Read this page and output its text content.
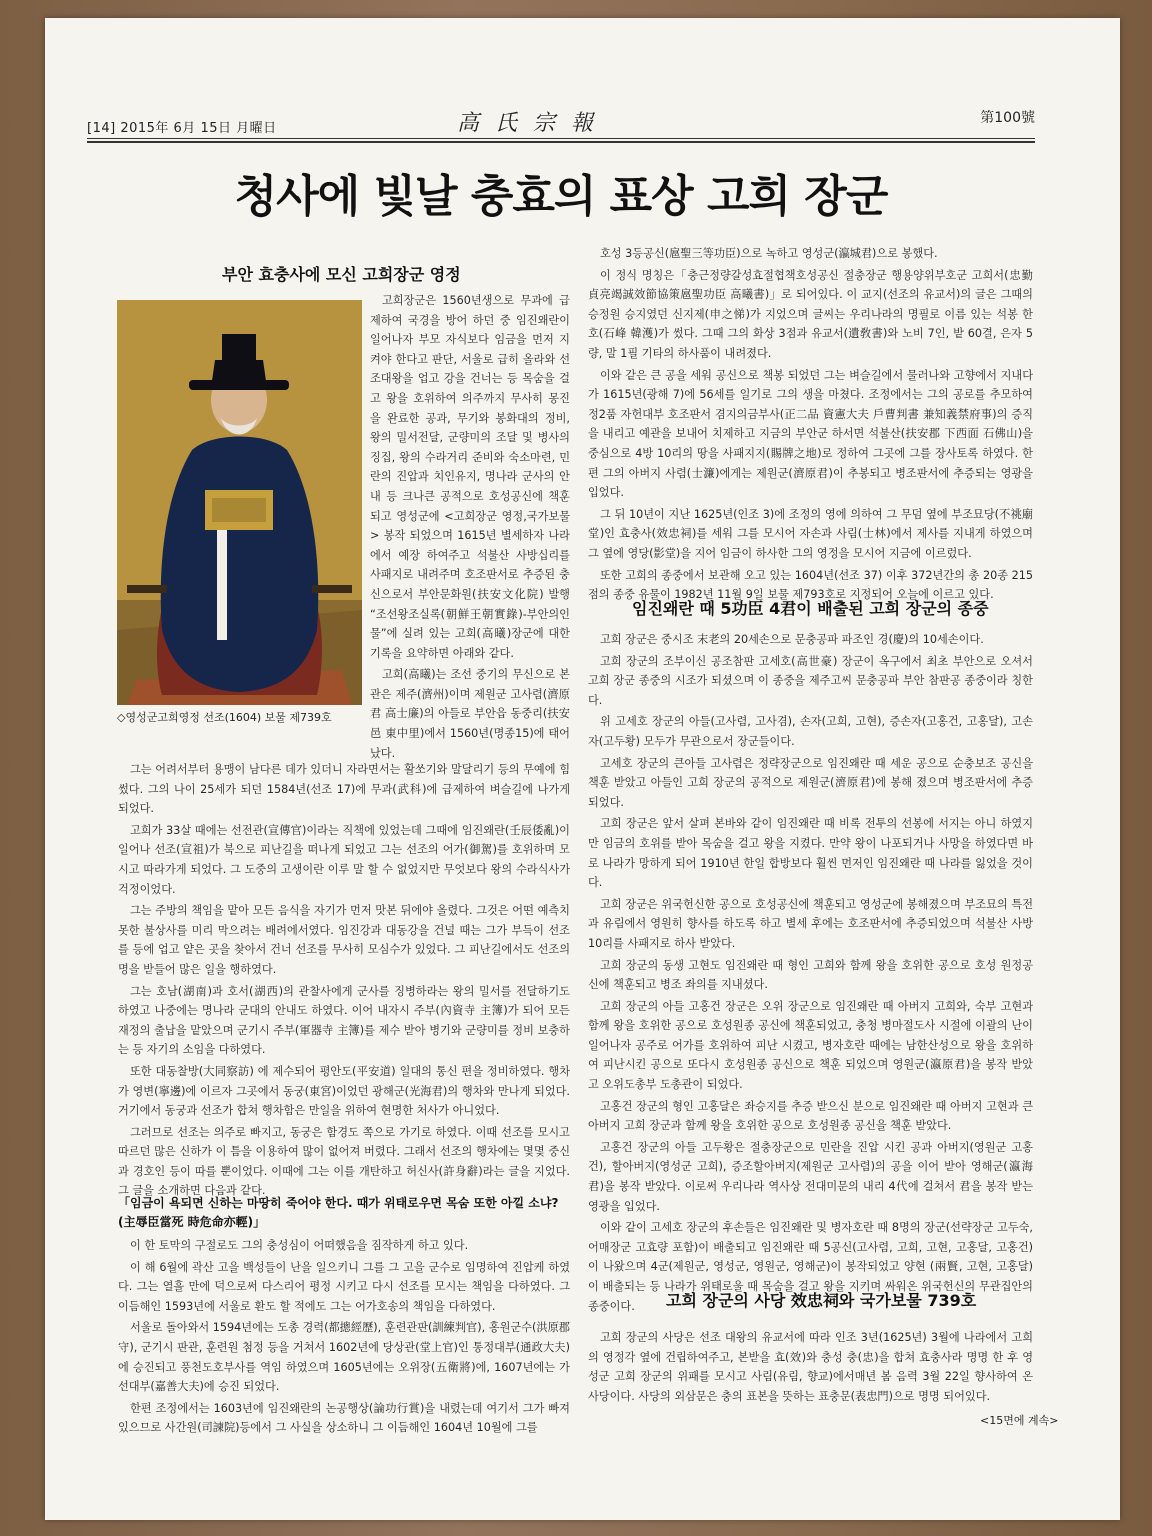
[14] 2015年 6月 15日 月曜日	高氏宗報	第100號
청사에 빛날 충효의 표상 고희 장군
부안 효충사에 모신 고희장군 영정
◇영성군고희영정 선조(1604) 보물 제739호

고희장군은 1560년생으로 무과에 급제하여 국경을 방어 하던 중 임진왜란이 일어나자 부모 자식보다 임금을 먼저 지켜야 한다고 판단, 서울로 급히 올라와 선조대왕을 업고 강을 건너는 등 목숨을 걸고 왕을 호위하여 의주까지 무사히 몽진을 완료한 공과, 무기와 봉화대의 정비, 왕의 밀서전달, 군량미의 조달 및 병사의 징집, 왕의 수라거리 준비와 숙소마련, 민란의 진압과 치인유지, 명나라 군사의 안내 등 크나큰 공적으로 호성공신에 책훈되고 영성군에 <고희장군 영정,국가보물> 봉작 되었으며 1615년 별세하자 나라에서 예장 하여주고 석불산 사방십리를 사패지로 내려주며 호조판서로 추증된 충신으로서 부안문화원(扶安文化院) 발행 “조선왕조실록(朝鮮王朝實錄)-부안의인물”에 실려 있는 고희(高曦)장군에 대한 기록을 요약하면 아래와 같다.

고희(高曦)는 조선 중기의 무신으로 본관은 제주(濟州)이며 제원군 고사렴(濟原君 高士廉)의 아들로 부안읍 동중리(扶安邑 東中里)에서 1560년(명종15)에 태어났다.

그는 어려서부터 용맹이 남다른 데가 있더니 자라면서는 활쏘기와 말달리기 등의 무예에 힘썼다. 그의 나이 25세가 되던 1584년(선조 17)에 무과(武科)에 급제하여 벼슬길에 나가게 되었다.

고희가 33살 때에는 선전관(宣傳官)이라는 직책에 있었는데 그때에 임진왜란(壬辰倭亂)이 일어나 선조(宣祖)가 북으로 피난길을 떠나게 되었고 그는 선조의 어가(御駕)를 호위하며 모시고 따라가게 되었다. 그 도중의 고생이란 이루 말 할 수 없었지만 무엇보다 왕의 수라식사가 걱정이었다.

그는 주방의 책임을 맡아 모든 음식을 자기가 먼저 맛본 뒤에야 올렸다. 그것은 어떤 예측치 못한 불상사를 미리 막으려는 배려에서였다. 임진강과 대동강을 건널 때는 그가 부득이 선조를 등에 업고 얕은 곳을 찾아서 건너 선조를 무사히 모심수가 있었다. 그 피난길에서도 선조의 명을 받들어 많은 일을 행하였다.

그는 호남(湖南)과 호서(湖西)의 관찰사에게 군사를 징병하라는 왕의 밀서를 전달하기도 하였고 나중에는 명나라 군대의 안내도 하였다. 이어 내자시 주부(內資寺 主簿)가 되어 모든 재정의 출납을 맡았으며 군기시 주부(軍器寺 主簿)를 제수 받아 병기와 군량미를 정비 보충하는 등 자기의 소임을 다하였다.

또한 대동찰방(大同察訪) 에 제수되어 평안도(平安道) 일대의 통신 편을 정비하였다. 행차가 영변(寧邊)에 이르자 그곳에서 동궁(東宮)이었던 광해군(光海君)의 행차와 만나게 되었다. 거기에서 동궁과 선조가 합쳐 행차함은 만일을 위하여 현명한 처사가 아니었다.

그러므로 선조는 의주로 빠지고, 동궁은 함경도 쪽으로 가기로 하였다. 이때 선조를 모시고 따르던 많은 신하가 이 틈을 이용하여 많이 없어져 버렸다. 그래서 선조의 행차에는 몇몇 중신과 경호인 등이 따를 뿐이었다. 이때에 그는 이를 개탄하고 허신사(許身辭)라는 글을 지었다. 그 글을 소개하면 다음과 같다.

「임금이 욕되면 신하는 마땅히 죽어야 한다. 때가 위태로우면 목숨 또한 아낄 소냐? (主辱臣當死 時危命亦輕)」

이 한 토막의 구절로도 그의 충성심이 어떠했음을 짐작하게 하고 있다.

이 해 6월에 곽산 고을 백성들이 난을 일으키니 그를 그 고을 군수로 임명하여 진압케 하였다. 그는 열흘 만에 덕으로써 다스리어 평정 시키고 다시 선조를 모시는 책임을 다하였다. 그 이듬해인 1593년에 서울로 환도 할 적에도 그는 어가호송의 책임을 다하였다.

서울로 돌아와서 1594년에는 도총 경력(都摠經歷), 훈련관판(訓練判官), 홍원군수(洪原郡守), 군기시 판관, 훈련원 첨정 등을 거쳐서 1602년에 당상관(堂上官)인 통정대부(通政大夫)에 승진되고 풍천도호부사를 역임 하였으며 1605년에는 오위장(五衛將)에, 1607년에는 가선대부(嘉善大夫)에 승진 되었다.

한편 조정에서는 1603년에 임진왜란의 논공행상(論功行賞)을 내렸는데 여기서 그가 빠져 있으므로 사간원(司諫院)등에서 그 사실을 상소하니 그 이듬해인 1604년 10월에 그를

호성 3등공신(扈聖三等功臣)으로 녹하고 영성군(瀛城君)으로 봉했다.

이 정식 명칭은「충근정량갈성효절협책호성공신 절충장군 행용양위부호군 고희서(忠勤貞亮竭誠效節協策扈聖功臣 高曦書)」로 되어있다. 이 교지(선조의 유교서)의 글은 그때의 승정원 승지였던 신지제(申之悌)가 지었으며 글씨는 우리나라의 명필로 이름 있는 석봉 한호(石峰 韓濩)가 썼다. 그때 그의 화상 3점과 유교서(遺敎書)와 노비 7인, 밭 60결, 은자 5량, 말 1필 기타의 하사품이 내려졌다.

이와 같은 큰 공을 세워 공신으로 책봉 되었던 그는 벼슬길에서 물러나와 고향에서 지내다가 1615년(광해 7)에 56세를 일기로 그의 생을 마쳤다. 조정에서는 그의 공로를 추모하여 정2품 자헌대부 호조판서 겸지의금부사(正二品 資憲大夫 戶曹判書 兼知義禁府事)의 증직을 내리고 예관을 보내어 치제하고 지금의 부안군 하서면 석불산(扶安郡 下西面 石佛山)을 중심으로 4방 10리의 땅을 사패지지(賜牌之地)로 정하여 그곳에 그를 장사토록 하였다. 한편 그의 아버지 사렴(士濂)에게는 제원군(濟原君)이 추봉되고 병조판서에 추증되는 영광을 입었다.

그 뒤 10년이 지난 1625년(인조 3)에 조정의 영에 의하여 그 무덤 옆에 부조묘당(不祧廟堂)인 효충사(效忠祠)를 세워 그를 모시어 자손과 사림(士林)에서 제사를 지내게 하였으며 그 옆에 영당(影堂)을 지어 임금이 하사한 그의 영정을 모시어 지금에 이르렀다.

또한 고희의 종중에서 보관해 오고 있는 1604년(선조 37) 이후 372년간의 총 20종 215점의 종중 유물이 1982년 11월 9일 보물 제793호로 지정되어 오늘에 이르고 있다.

임진왜란 때 5功臣 4君이 배출된 고희 장군의 종중

고희 장군은 중시조 末老의 20세손으로 문충공파 파조인 경(慶)의 10세손이다.

고희 장군의 조부이신 공조참판 고세호(高世豪) 장군이 옥구에서 최초 부안으로 오셔서 고희 장군 종중의 시조가 되셨으며 이 종중을 제주고씨 문충공파 부안 참판공 종중이라 칭한다.

위 고세호 장군의 아들(고사렴, 고사겸), 손자(고희, 고현), 증손자(고홍건, 고홍달), 고손자(고두황) 모두가 무관으로서 장군들이다.

고세호 장군의 큰아들 고사렴은 정략장군으로 임진왜란 때 세운 공으로 순충보조 공신을 책훈 받았고 아들인 고희 장군의 공적으로 제원군(濟原君)에 봉해 졌으며 병조판서에 추증되었다.

고희 장군은 앞서 살펴 본바와 같이 임진왜란 때 비록 전투의 선봉에 서지는 아니 하였지만 임금의 호위를 받아 목숨을 걸고 왕을 지켰다. 만약 왕이 나포되거나 사망을 하였다면 바로 나라가 망하게 되어 1910년 한일 합방보다 훨씬 먼저인 임진왜란 때 나라를 잃었을 것이다.

고희 장군은 위국헌신한 공으로 호성공신에 책훈되고 영성군에 봉해졌으며 부조묘의 특전과 유림에서 영원히 향사를 하도록 하고 별세 후에는 호조판서에 추증되었으며 석불산 사방 10리를 사패지로 하사 받았다.

고희 장군의 동생 고현도 임진왜란 때 형인 고희와 함께 왕을 호위한 공으로 호성 원정공신에 책훈되고 병조 좌의를 지내셨다.

고희 장군의 아들 고홍건 장군은 오위 장군으로 임진왜란 때 아버지 고희와, 숙부 고현과 함께 왕을 호위한 공으로 호성원종 공신에 책훈되었고, 충청 병마절도사 시절에 이괄의 난이 일어나자 공주로 어가를 호위하여 피난 시켰고, 병자호란 때에는 남한산성으로 왕을 호위하여 피난시킨 공으로 또다시 호성원종 공신으로 책훈 되었으며 영원군(瀛原君)을 봉작 받았고 오위도총부 도총관이 되었다.

고홍건 장군의 형인 고홍달은 좌승지를 추증 받으신 분으로 임진왜란 때 아버지 고현과 큰아버지 고희 장군과 함께 왕을 호위한 공으로 호성원종 공신을 책훈 받았다.

고홍건 장군의 아들 고두황은 절충장군으로 민란을 진압 시킨 공과 아버지(영원군 고홍건), 할아버지(영성군 고희), 증조할아버지(제원군 고사렴)의 공을 이어 받아 영해군(瀛海君)을 봉작 받았다. 이로써 우리나라 역사상 전대미문의 내리 4代에 걸쳐서 君을 봉작 받는 영광을 입었다.

이와 같이 고세호 장군의 후손들은 임진왜란 및 병자호란 때 8명의 장군(선략장군 고두숙, 어매장군 고효량 포함)이 배출되고 임진왜란 때 5공신(고사렴, 고희, 고현, 고홍달, 고홍건)이 나왔으며 4군(제원군, 영성군, 영원군, 영해군)이 봉작되었고 양현 (兩賢, 고현, 고홍달)이 배출되는 등 나라가 위태로울 때 목숨을 걸고 왕을 지키며 싸워온 위국헌신의 무관집안의 종중이다.	고희 장군의 사당 效忠祠와 국가보물 739호

고희 장군의 사당은 선조 대왕의 유교서에 따라 인조 3년(1625년) 3월에 나라에서 고희의 영정각 옆에 건립하여주고, 본받을 효(效)와 충성 충(忠)을 합쳐 효충사라 명명 한 후 영성군 고희 장군의 위패를 모시고 사림(유림, 향교)에서매년 봄 음력 3월 22일 향사하여 온 사당이다. 사당의 외삼문은 충의 표본을 뜻하는 표충문(表忠門)으로 명명 되어있다.

<15면에 계속>
